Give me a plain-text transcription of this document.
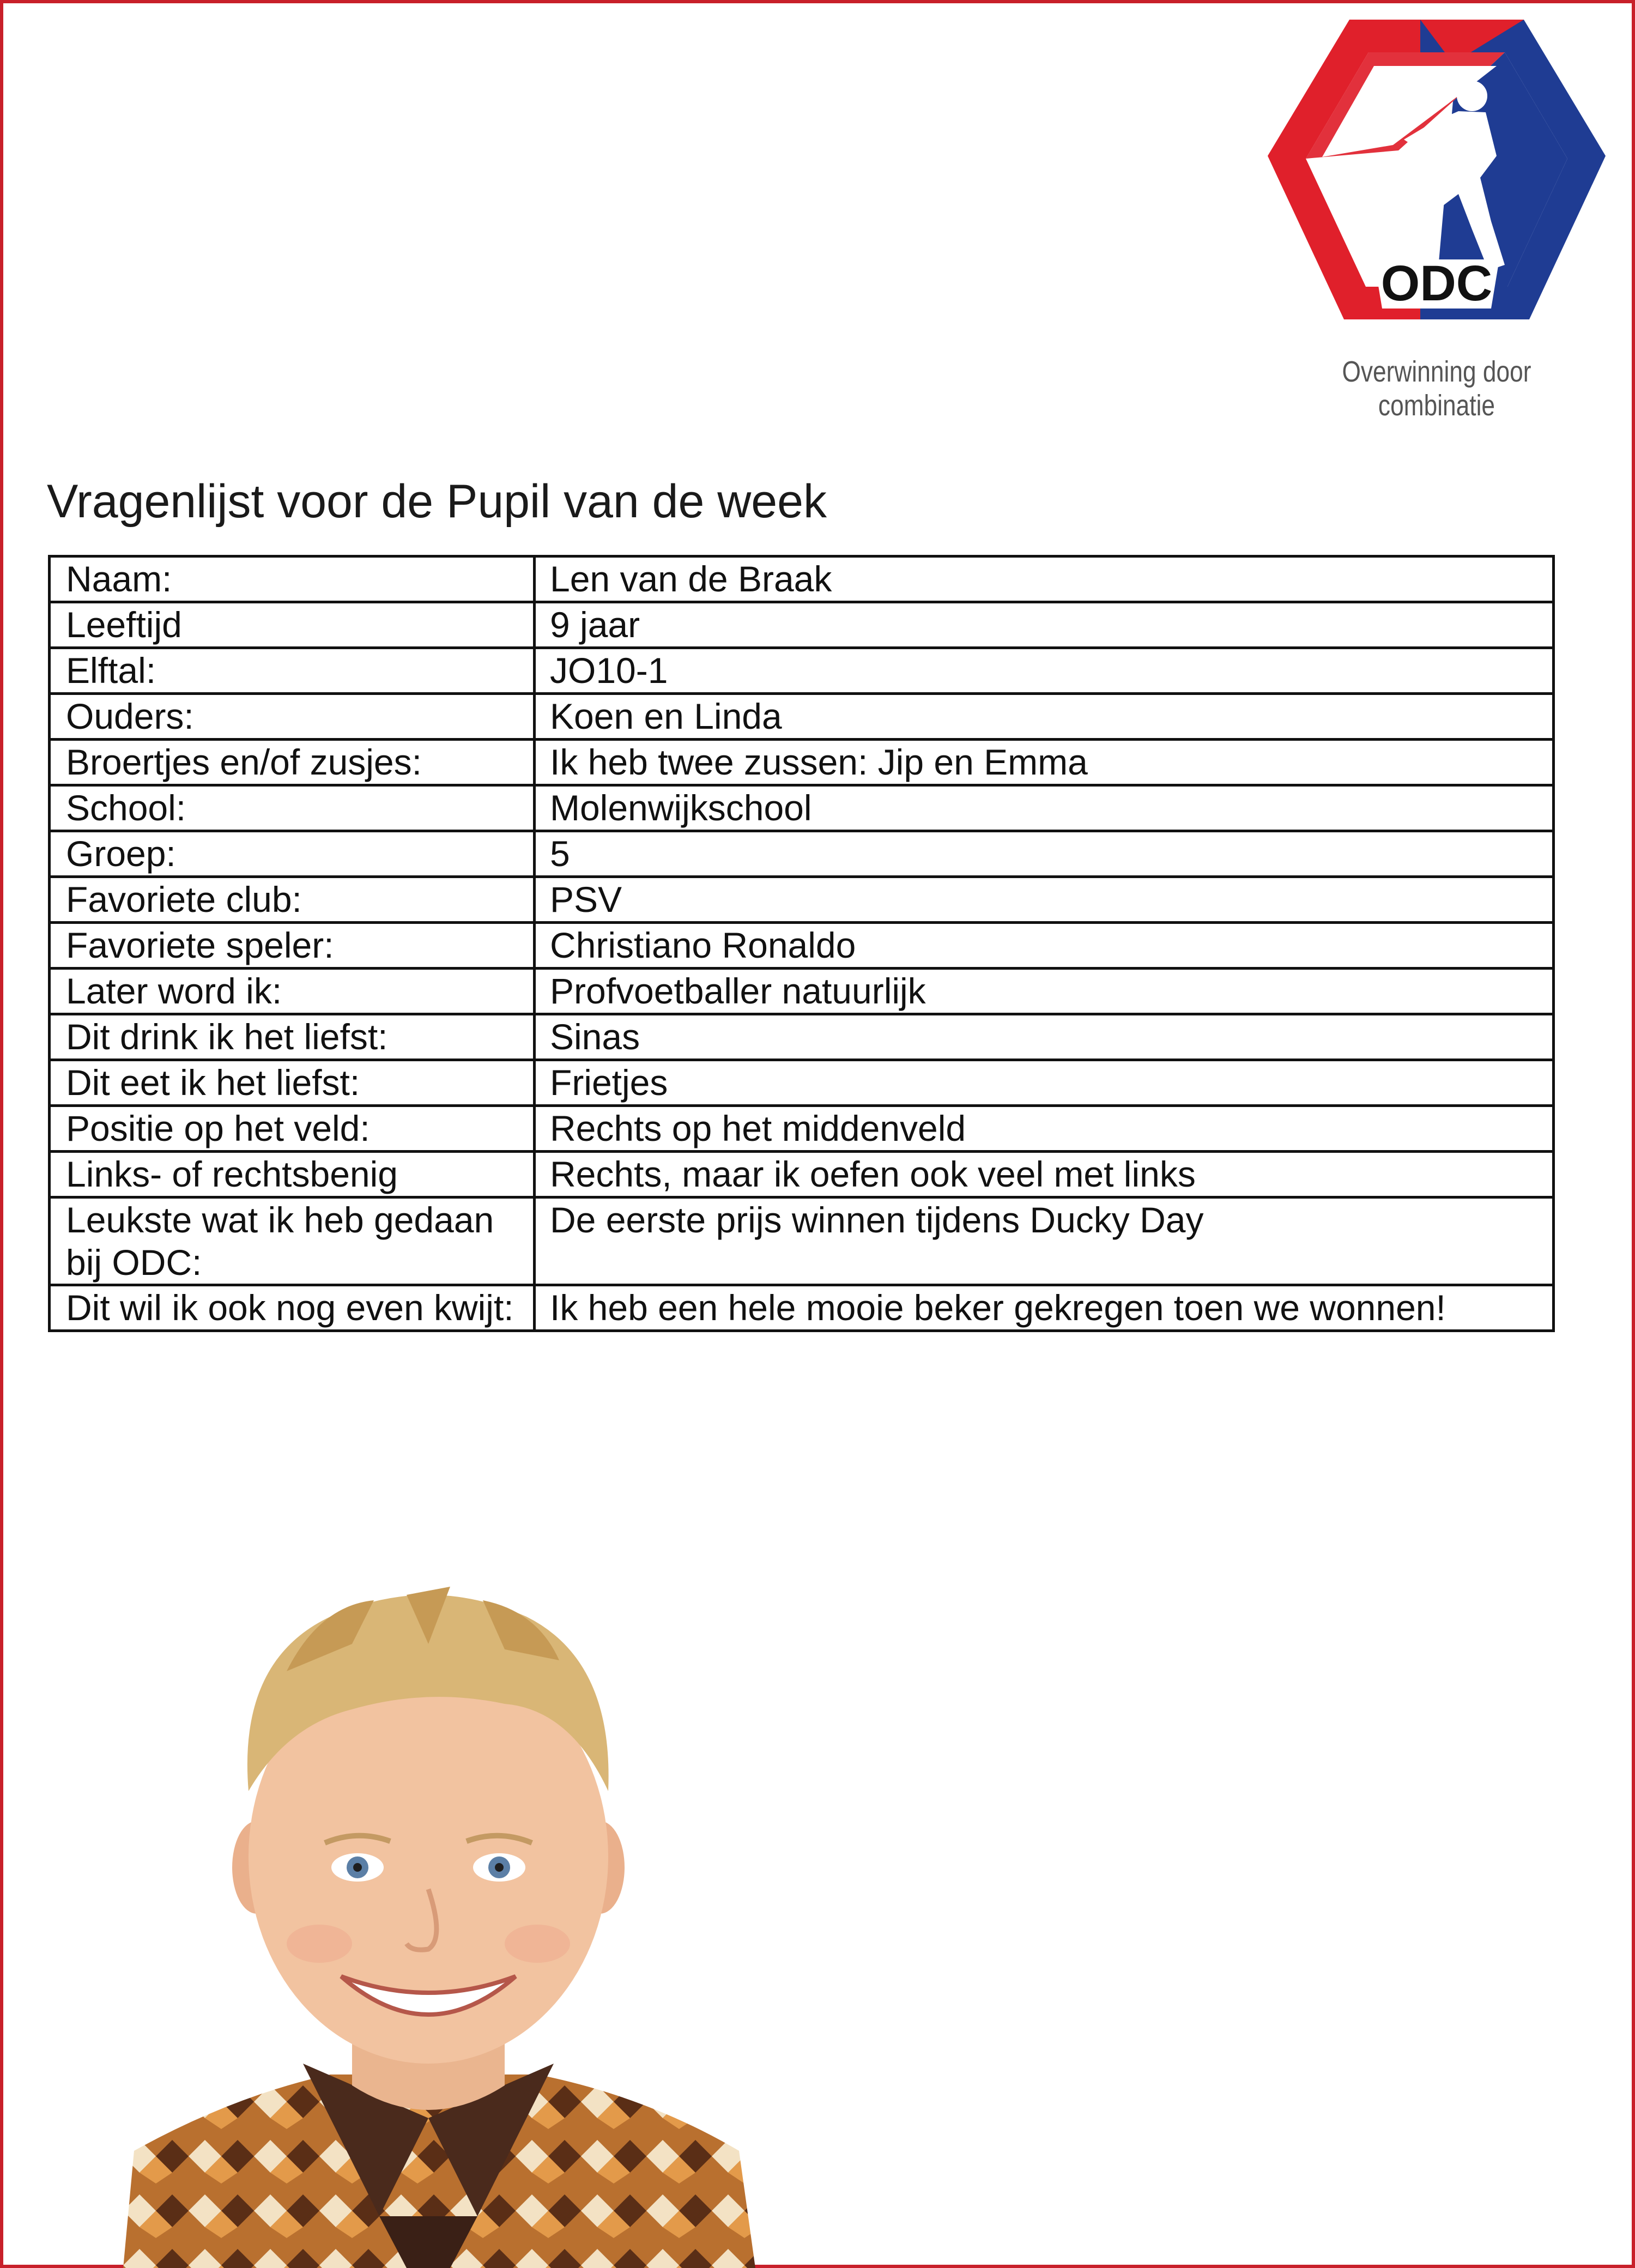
ODC
Overwinning door combinatie
Vragenlijst voor de Pupil van de week
Naam:	Len van de Braak
Leeftijd	9 jaar
Elftal:	JO10-1
Ouders:	Koen en Linda
Broertjes en/of zusjes:	Ik heb twee zussen: Jip en Emma
School:	Molenwijkschool
Groep:	5
Favoriete club:	PSV
Favoriete speler:	Christiano Ronaldo
Later word ik:	Profvoetballer natuurlijk
Dit drink ik het liefst:	Sinas
Dit eet ik het liefst:	Frietjes
Positie op het veld:	Rechts op het middenveld
Links- of rechtsbenig	Rechts, maar ik oefen ook veel met links
Leukste wat ik heb gedaan bij ODC:	De eerste prijs winnen tijdens Ducky Day
Dit wil ik ook nog even kwijt:	Ik heb een hele mooie beker gekregen toen we wonnen!
